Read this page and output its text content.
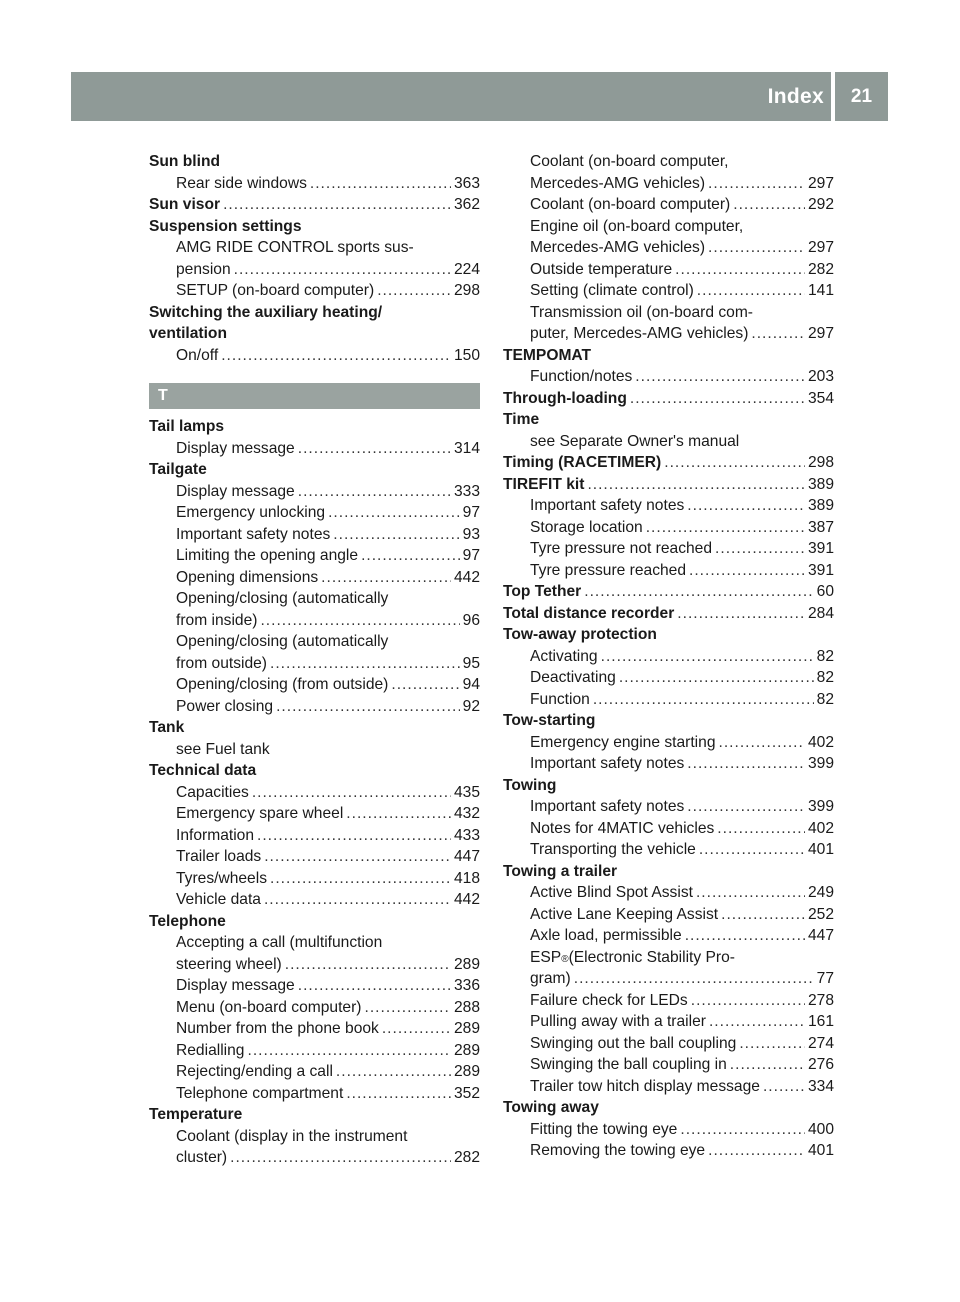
Index	21
Sun blind
Rear side windows .....	363
Sun visor .....	362
Suspension settings
AMG RIDE CONTROL sports sus-
pension .....	224
SETUP (on-board computer) .....	298
Switching the auxiliary heating/
ventilation
On/off .....	150
T
Tail lamps
Display message .....	314
Tailgate
Display message .....	333
Emergency unlocking .....	97
Important safety notes .....	93
Limiting the opening angle .....	97
Opening dimensions .....	442
Opening/closing (automatically
from inside) .....	96
Opening/closing (automatically
from outside) .....	95
Opening/closing (from outside) .....	94
Power closing .....	92
Tank
see Fuel tank
Technical data
Capacities .....	435
Emergency spare wheel .....	432
Information .....	433
Trailer loads .....	447
Tyres/wheels .....	418
Vehicle data .....	442
Telephone
Accepting a call (multifunction
steering wheel) .....	289
Display message .....	336
Menu (on-board computer) .....	288
Number from the phone book .....	289
Redialling .....	289
Rejecting/ending a call .....	289
Telephone compartment .....	352
Temperature
Coolant (display in the instrument
cluster) .....	282
Coolant (on-board computer,
Mercedes-AMG vehicles) .....	297
Coolant (on-board computer) .....	292
Engine oil (on-board computer,
Mercedes-AMG vehicles) .....	297
Outside temperature .....	282
Setting (climate control) .....	141
Transmission oil (on-board com-
puter, Mercedes-AMG vehicles) .....	297
TEMPOMAT
Function/notes .....	203
Through-loading .....	354
Time
see Separate Owner's manual
Timing (RACETIMER) .....	298
TIREFIT kit .....	389
Important safety notes .....	389
Storage location .....	387
Tyre pressure not reached .....	391
Tyre pressure reached .....	391
Top Tether .....	60
Total distance recorder .....	284
Tow-away protection
Activating .....	82
Deactivating .....	82
Function .....	82
Tow-starting
Emergency engine starting .....	402
Important safety notes .....	399
Towing
Important safety notes .....	399
Notes for 4MATIC vehicles .....	402
Transporting the vehicle .....	401
Towing a trailer
Active Blind Spot Assist .....	249
Active Lane Keeping Assist .....	252
Axle load, permissible .....	447
ESP ® (Electronic Stability Pro-
gram) .....	77
Failure check for LEDs .....	278
Pulling away with a trailer .....	161
Swinging out the ball coupling .....	274
Swinging the ball coupling in .....	276
Trailer tow hitch display message .....	334
Towing away
Fitting the towing eye .....	400
Removing the towing eye .....	401
